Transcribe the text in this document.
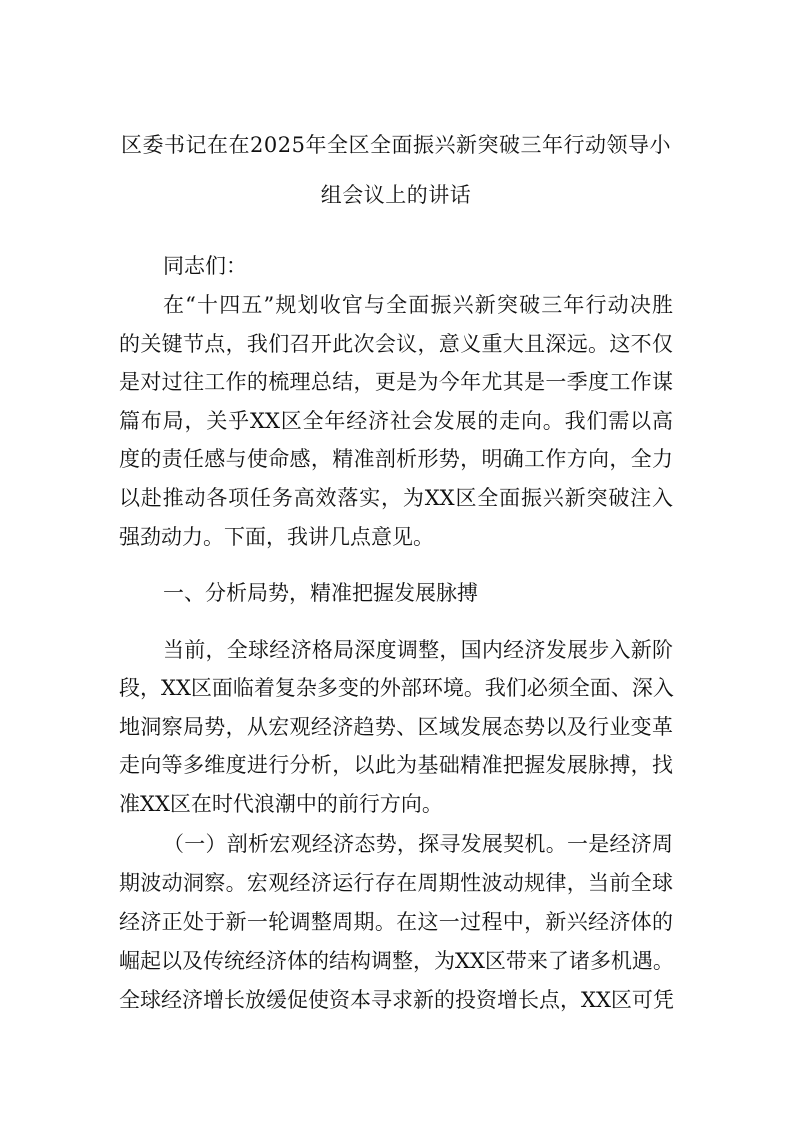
区委书记在在2025年全区全面振兴新突破三年行动领导小
组会议上的讲话
同志们：
在“十四五”规划收官与全面振兴新突破三年行动决胜
的关键节点，我们召开此次会议，意义重大且深远。这不仅
是对过往工作的梳理总结，更是为今年尤其是一季度工作谋
篇布局，关乎XX区全年经济社会发展的走向。我们需以高
度的责任感与使命感，精准剖析形势，明确工作方向，全力
以赴推动各项任务高效落实，为XX区全面振兴新突破注入
强劲动力。下面，我讲几点意见。
一、分析局势，精准把握发展脉搏
当前，全球经济格局深度调整，国内经济发展步入新阶
段，XX区面临着复杂多变的外部环境。我们必须全面、深入
地洞察局势，从宏观经济趋势、区域发展态势以及行业变革
走向等多维度进行分析，以此为基础精准把握发展脉搏，找
准XX区在时代浪潮中的前行方向。
（一）剖析宏观经济态势，探寻发展契机。一是经济周
期波动洞察。宏观经济运行存在周期性波动规律，当前全球
经济正处于新一轮调整周期。在这一过程中，新兴经济体的
崛起以及传统经济体的结构调整，为XX区带来了诸多机遇。
全球经济增长放缓促使资本寻求新的投资增长点，XX区可凭
